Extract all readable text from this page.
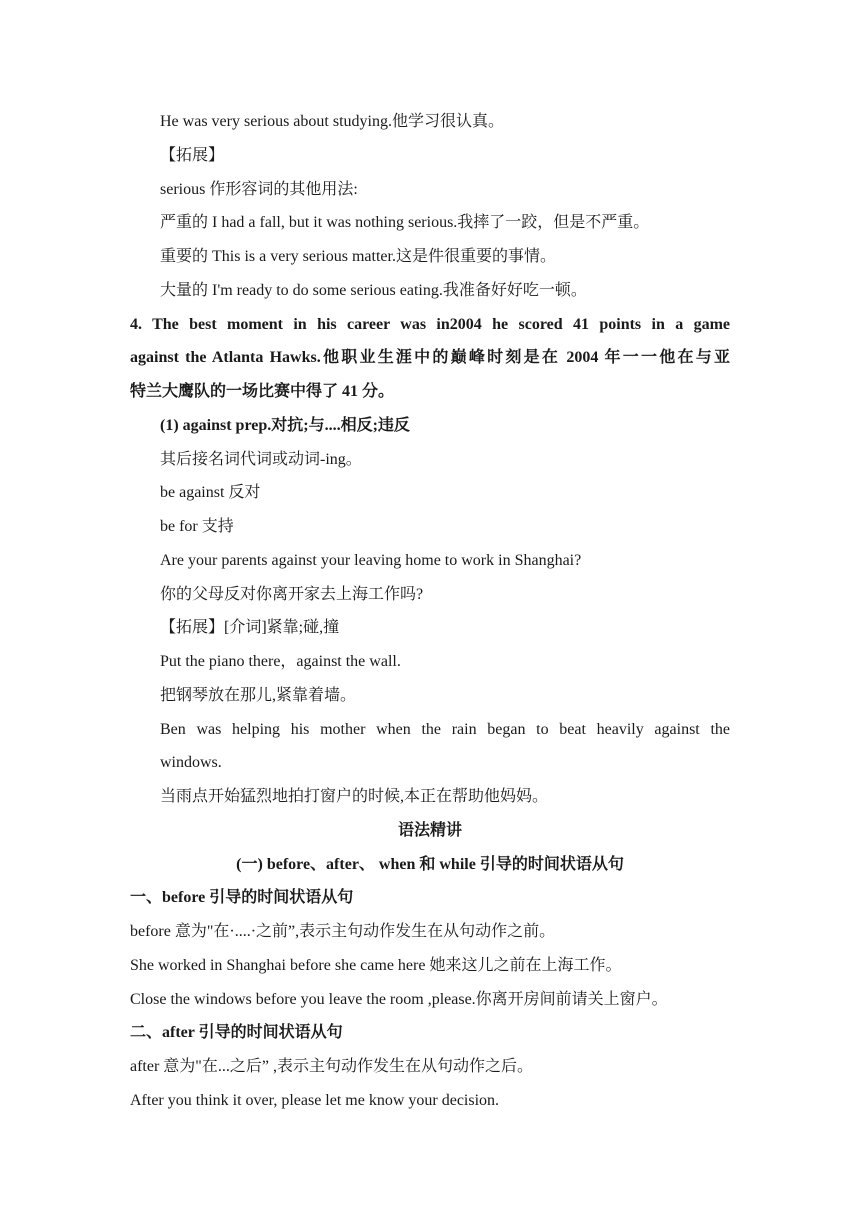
He was very serious about studying.他学习很认真。
【拓展】
serious 作形容词的其他用法:
严重的 I had a fall, but it was nothing serious.我摔了一跤，但是不严重。
重要的 This is a very serious matter.这是件很重要的事情。
大量的 I'm ready to do some serious eating.我准备好好吃一顿。
4. The best moment in his career was in2004 he scored 41 points in a game
against the Atlanta Hawks.他职业生涯中的巅峰时刻是在 2004 年一一他在与亚
特兰大鹰队的一场比赛中得了 41 分。
(1) against prep.对抗;与....相反;违反
其后接名词代词或动词-ing。
be against 反对
be for 支持
Are your parents against your leaving home to work in Shanghai?
你的父母反对你离开家去上海工作吗?
【拓展】[介词]紧靠;碰,撞
Put the piano there，against the wall.
把钢琴放在那儿,紧靠着墙。
Ben was helping his mother when the rain began to beat heavily against the
windows.
当雨点开始猛烈地拍打窗户的时候,本正在帮助他妈妈。
语法精讲
(一) before、after、 when 和 while 引导的时间状语从句
一、before 引导的时间状语从句
before 意为"在·....·之前”,表示主句动作发生在从句动作之前。
She worked in Shanghai before she came here 她来这儿之前在上海工作。
Close the windows before you leave the room ,please.你离开房间前请关上窗户。
二、after 引导的时间状语从句
after 意为"在...之后” ,表示主句动作发生在从句动作之后。
After you think it over, please let me know your decision.
